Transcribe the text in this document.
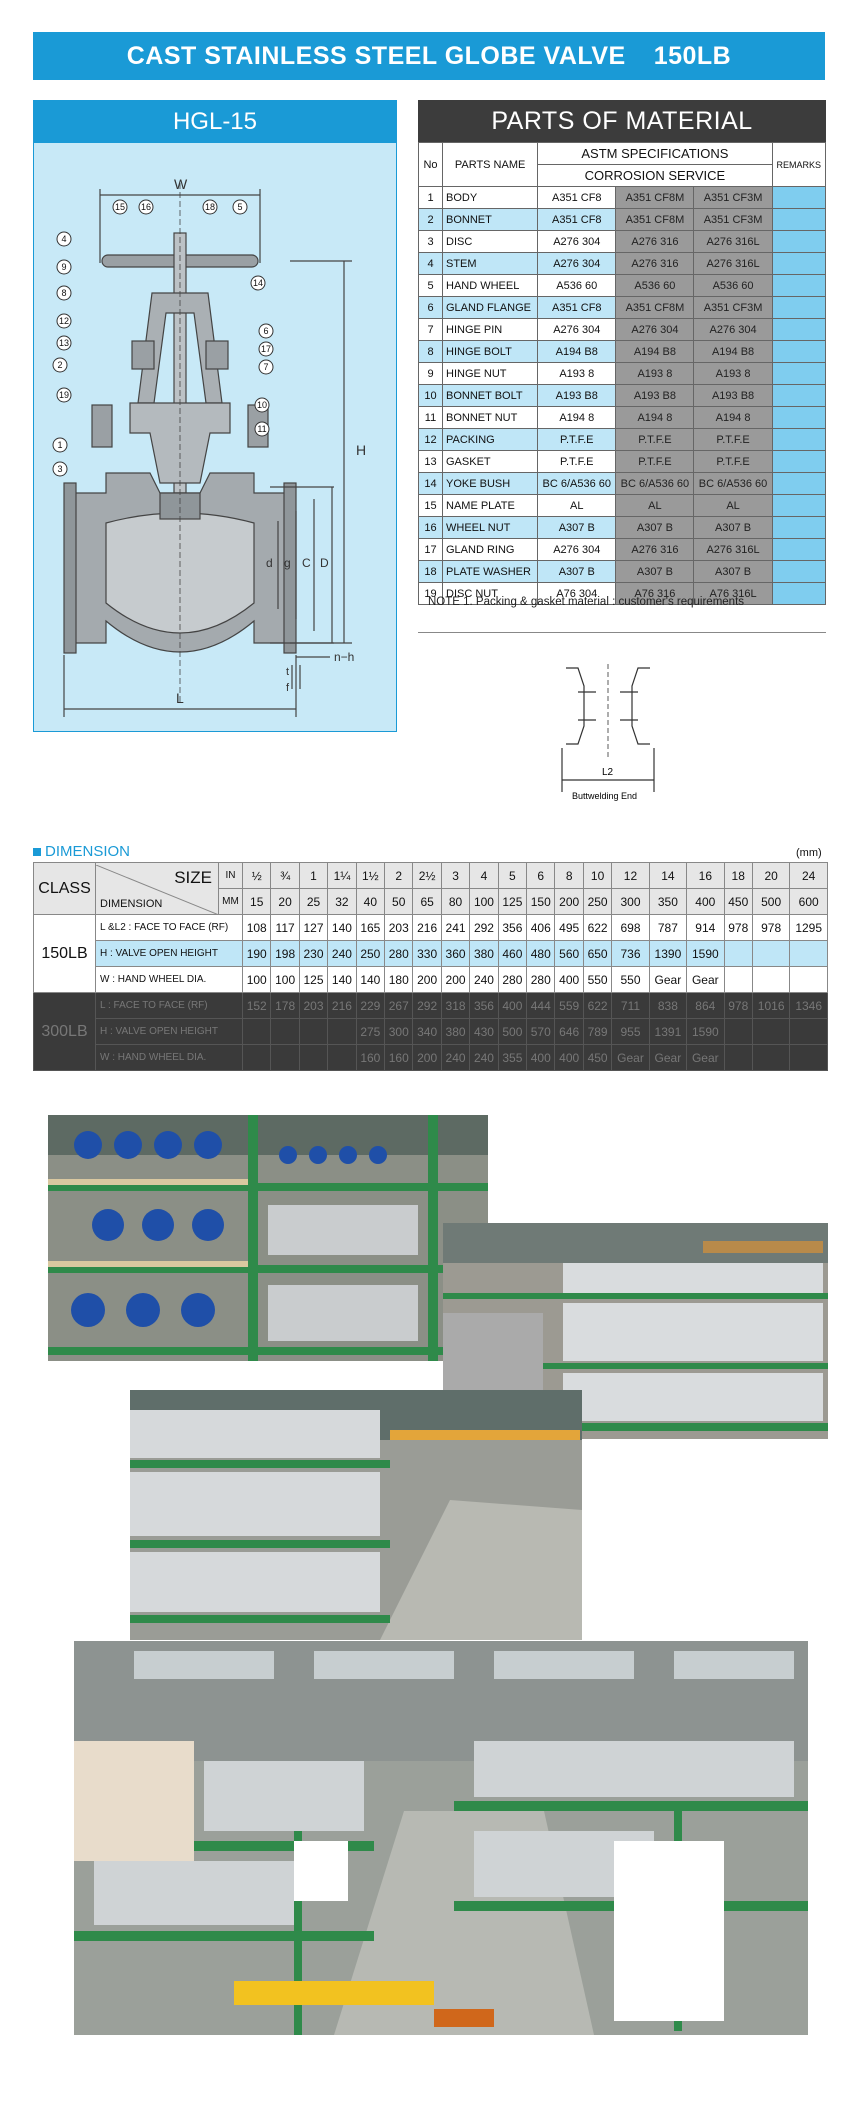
CAST STAINLESS STEEL GLOBE VALVE 150LB
HGL-15
W
H
L
d g C D
n−h
t
f
15 16	18 5
4
9
8
12
13
2
19
1
3
14
6
17
7
10
11
PARTS OF MATERIAL
No	PARTS NAME	ASTM SPECIFICATIONS			REMARKS
		CORROSION SERVICE			
1	BODY	A351 CF8	A351 CF8M	A351 CF3M	
2	BONNET	A351 CF8	A351 CF8M	A351 CF3M	
3	DISC	A276 304	A276 316	A276 316L	
4	STEM	A276 304	A276 316	A276 316L	
5	HAND WHEEL	A536 60	A536 60	A536 60	
6	GLAND FLANGE	A351 CF8	A351 CF8M	A351 CF3M	
7	HINGE PIN	A276 304	A276 304	A276 304	
8	HINGE BOLT	A194 B8	A194 B8	A194 B8	
9	HINGE NUT	A193 8	A193 8	A193 8	
10	BONNET BOLT	A193 B8	A193 B8	A193 B8	
11	BONNET NUT	A194 8	A194 8	A194 8	
12	PACKING	P.T.F.E	P.T.F.E	P.T.F.E	
13	GASKET	P.T.F.E	P.T.F.E	P.T.F.E	
14	YOKE BUSH	BC 6/A536 60	BC 6/A536 60	BC 6/A536 60	
15	NAME PLATE	AL	AL	AL	
16	WHEEL NUT	A307 B	A307 B	A307 B	
17	GLAND RING	A276 304	A276 316	A276 316L	
18	PLATE WASHER	A307 B	A307 B	A307 B	
19	DISC NUT	A76 304	A76 316	A76 316L	
NOTE 1. Packing & gasket material : customer's requirements
L2
Buttwelding End
DIMENSION	(mm)
CLASS	SIZE
DIMENSION	IN	½	¾	1	1¼	1½	2	2½	3	4	5	6	8	10	12	14	16	18	20	24
		MM	15	20	25	32	40	50	65	80	100	125	150	200	250	300	350	400	450	500	600
150LB	L &L2 : FACE TO FACE (RF)		108	117	127	140	165	203	216	241	292	356	406	495	622	698	787	914	978	978	1295
	H : VALVE OPEN HEIGHT		190	198	230	240	250	280	330	360	380	460	480	560	650	736	1390	1590			
	W : HAND WHEEL DIA.		100	100	125	140	140	180	200	200	240	280	280	400	550	550	Gear	Gear			
300LB	L : FACE TO FACE (RF)		152	178	203	216	229	267	292	318	356	400	444	559	622	711	838	864	978	1016	1346
	H : VALVE OPEN HEIGHT						275	300	340	380	430	500	570	646	789	955	1391	1590			
	W : HAND WHEEL DIA.						160	160	200	240	240	355	400	400	450	Gear	Gear	Gear			
